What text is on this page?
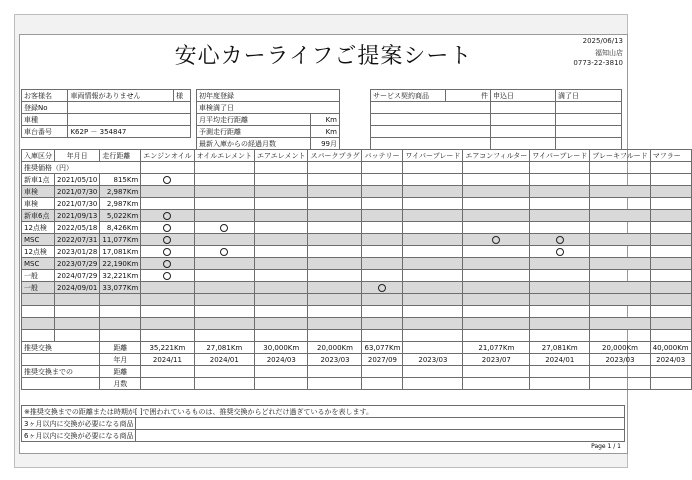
安心カーライフご提案シート
2025/06/13
福知山店
0773-22-3810
お客様名	車両情報がありません	様
登録No		
車種		
車台番号	K62P － 354847	
初年度登録	
車検満了日	
月平均走行距離	Km
予測走行距離	Km
最新入庫からの経過月数	99月
サービス契約商品	件	申込日	満了日

入庫区分	年月日	走行距離	エンジンオイル	オイルエレメント	エアエレメント	スパークプラグ	バッテリー	ワイパーブレード	エアコンフィルター	ワイパーブレード	ブレーキフルード	マフラー
推奨価格（円）												
新車1点	2021/05/10	815Km										
車検	2021/07/30	2,987Km										
車検	2021/07/30	2,987Km										
新車6点	2021/09/13	5,022Km										
12点検	2022/05/18	8,426Km										
MSC	2022/07/31	11,077Km										
12点検	2023/01/28	17,081Km										
MSC	2023/07/29	22,190Km										
一般	2024/07/29	32,221Km										
一般	2024/09/01	33,077Km										

推奨交換		距離	35,221Km	27,081Km	30,000Km	20,000Km	63,077Km		21,077Km	27,081Km	20,000Km	40,000Km
		年月	2024/11	2024/01	2024/03	2023/03	2027/09	2023/03	2023/07	2024/01	2023/03	2024/03
推奨交換までの		距離										
		月数										
※推奨交換までの距離または時期が[ ]で囲われているものは、推奨交換からどれだけ過ぎているかを表します。	
3ヶ月以内に交換が必要になる商品	
6ヶ月以内に交換が必要になる商品	
Page 1 / 1
